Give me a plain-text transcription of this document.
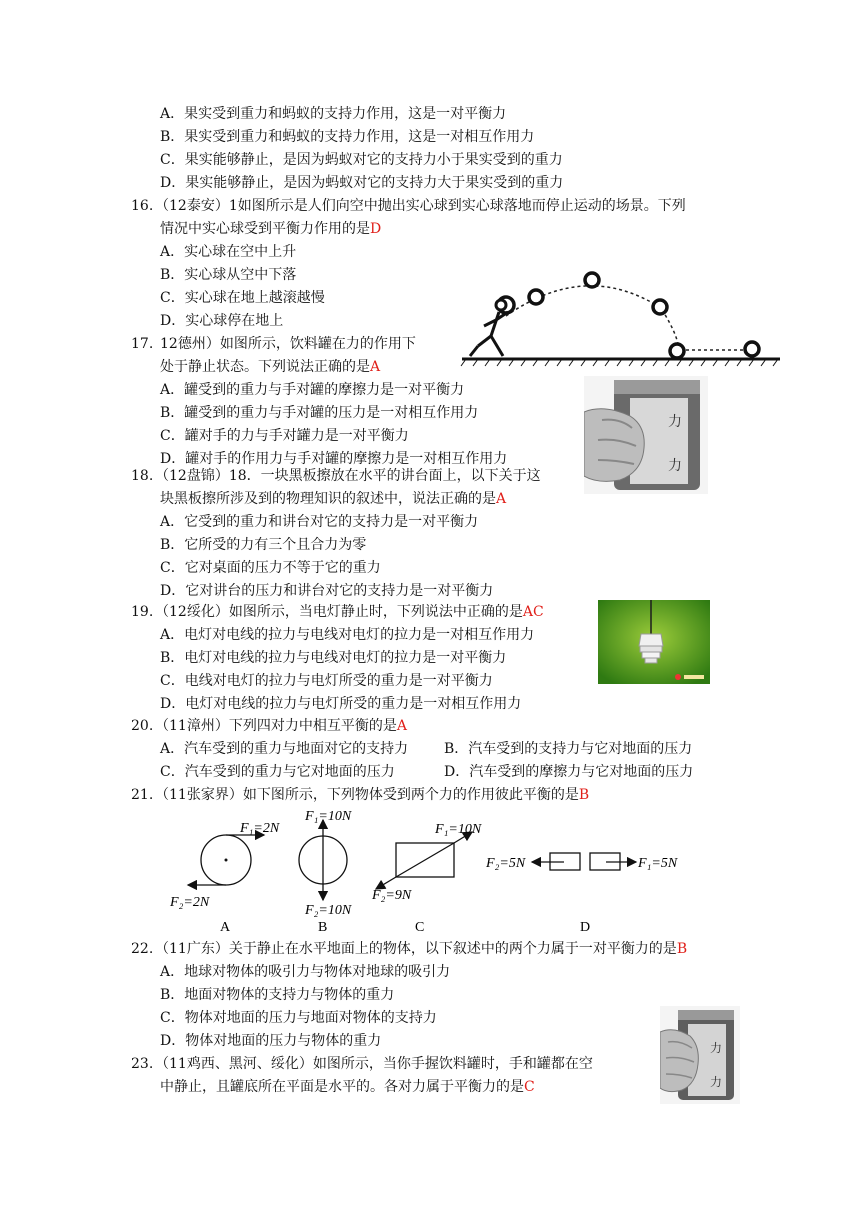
A．果实受到重力和蚂蚁的支持力作用，这是一对平衡力
B．果实受到重力和蚂蚁的支持力作用，这是一对相互作用力
C．果实能够静止，是因为蚂蚁对它的支持力小于果实受到的重力
D．果实能够静止，是因为蚂蚁对它的支持力大于果实受到的重力
16. （12泰安）1如图所示是人们向空中抛出实心球到实心球落地而停止运动的场景。下列
情况中实心球受到平衡力作用的是D
A．实心球在空中上升
B．实心球从空中下落
C．实心球在地上越滚越慢
D．实心球停在地上
17. 12德州）如图所示，饮料罐在力的作用下
处于静止状态。下列说法正确的是A
A．罐受到的重力与手对罐的摩擦力是一对平衡力
B．罐受到的重力与手对罐的压力是一对相互作用力
C．罐对手的力与手对罐力是一对平衡力
D．罐对手的作用力与手对罐的摩擦力是一对相互作用力
力
力
18. （12盘锦）18．一块黑板擦放在水平的讲台面上，以下关于这
块黑板擦所涉及到的物理知识的叙述中，说法正确的是A
A．它受到的重力和讲台对它的支持力是一对平衡力
B．它所受的力有三个且合力为零
C．它对桌面的压力不等于它的重力
D．它对讲台的压力和讲台对它的支持力是一对平衡力
19. （12绥化）如图所示，当电灯静止时，下列说法中正确的是AC
A．电灯对电线的拉力与电线对电灯的拉力是一对相互作用力
B．电灯对电线的拉力与电线对电灯的拉力是一对平衡力
C．电线对电灯的拉力与电灯所受的重力是一对平衡力
D．电灯对电线的拉力与电灯所受的重力是一对相互作用力
20. （11漳州）下列四对力中相互平衡的是A
A．汽车受到的重力与地面对它的支持力	B．汽车受到的支持力与它对地面的压力
C．汽车受到的重力与它对地面的压力	D．汽车受到的摩擦力与它对地面的压力
21. （11张家界）如下图所示，下列物体受到两个力的作用彼此平衡的是B
F₁=2N
F₂=2N
A
F₁=10N
F₂=10N
B
F₁=10N
F₂=9N
C
F₂=5N	F₁=5N
D
22. （11广东）关于静止在水平地面上的物体，以下叙述中的两个力属于一对平衡力的是B
A．地球对物体的吸引力与物体对地球的吸引力
B．地面对物体的支持力与物体的重力
C．物体对地面的压力与地面对物体的支持力
D．物体对地面的压力与物体的重力
23. （11鸡西、黑河、绥化）如图所示，当你手握饮料罐时，手和罐都在空
中静止，且罐底所在平面是水平的。各对力属于平衡力的是C
力
力
